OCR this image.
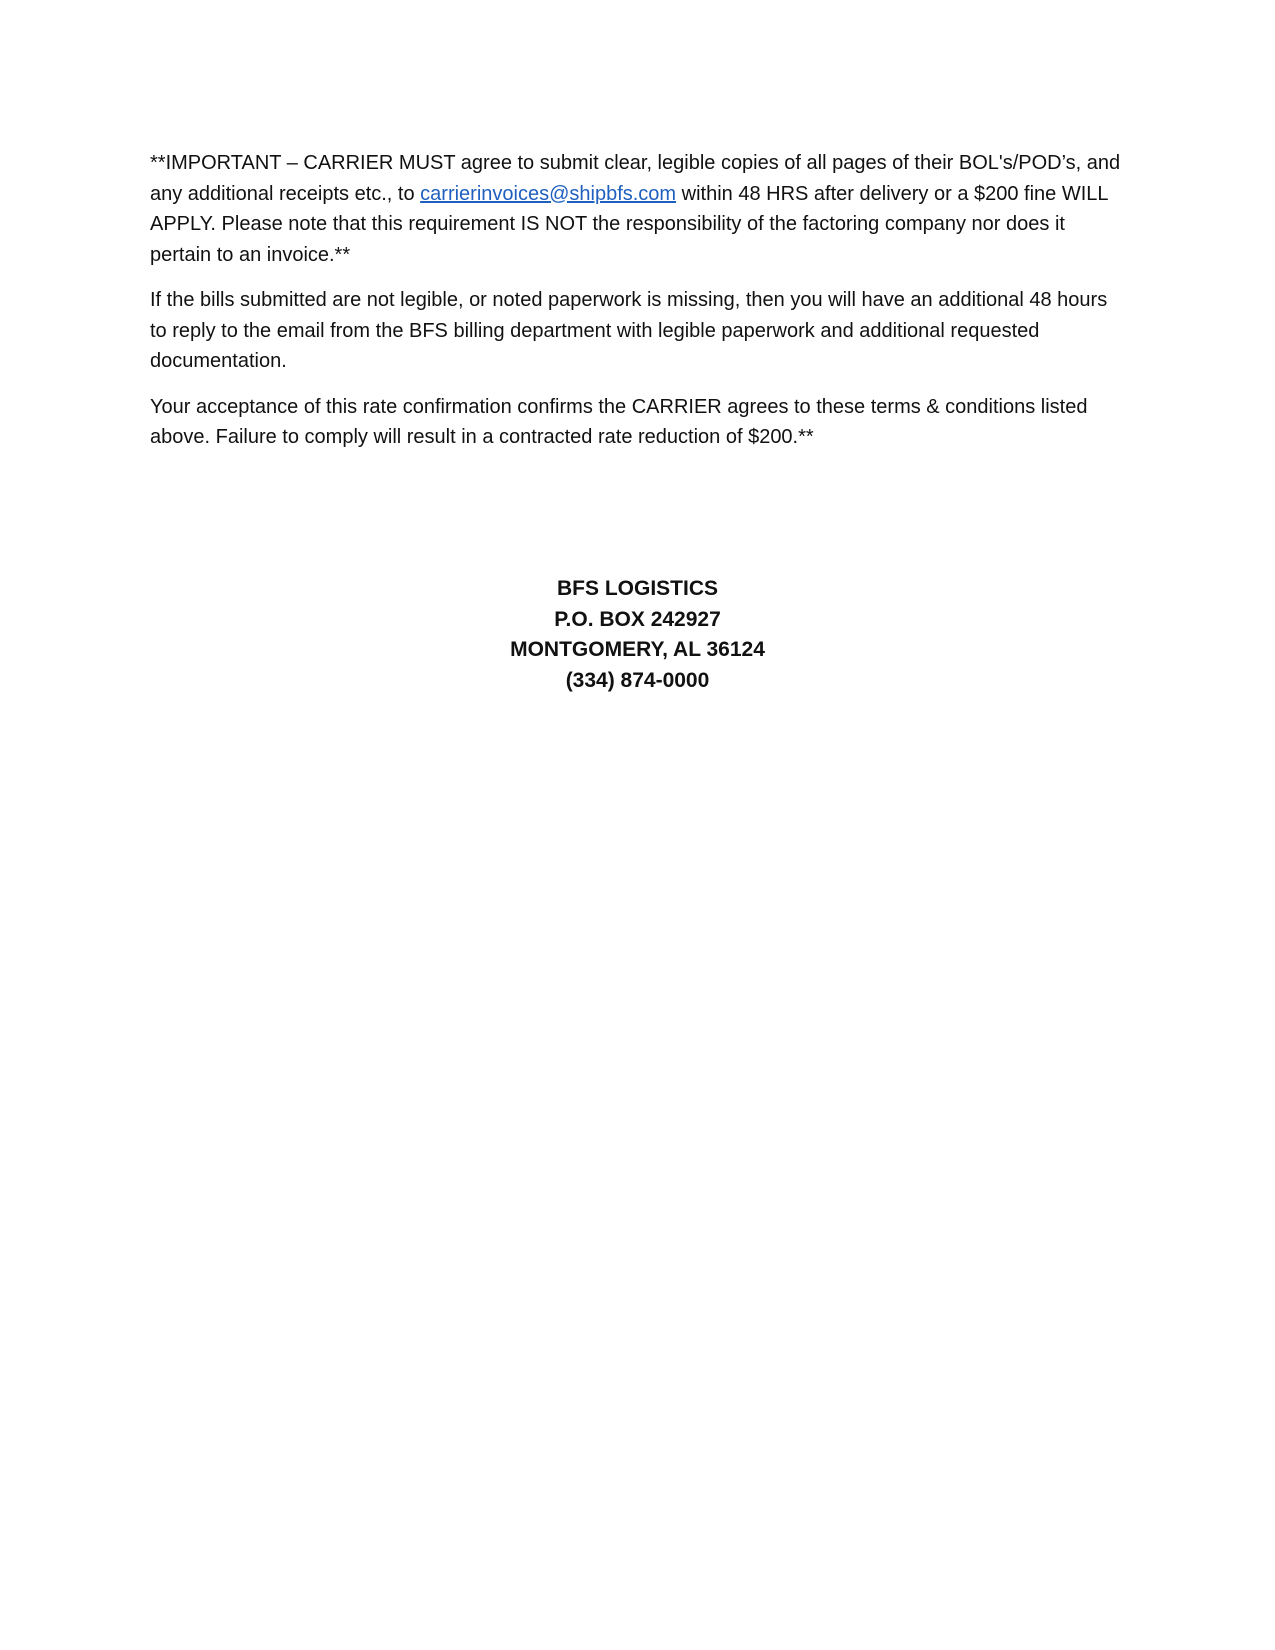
**IMPORTANT – CARRIER MUST agree to submit clear, legible copies of all pages of their BOL's/POD’s, and any additional receipts etc., to carrierinvoices@shipbfs.com within 48 HRS after delivery or a $200 fine WILL APPLY. Please note that this requirement IS NOT the responsibility of the factoring company nor does it pertain to an invoice.**

If the bills submitted are not legible, or noted paperwork is missing, then you will have an additional 48 hours to reply to the email from the BFS billing department with legible paperwork and additional requested documentation.

Your acceptance of this rate confirmation confirms the CARRIER agrees to these terms & conditions listed above. Failure to comply will result in a contracted rate reduction of $200.**

BFS LOGISTICS
P.O. BOX 242927
MONTGOMERY, AL 36124
(334) 874-0000
